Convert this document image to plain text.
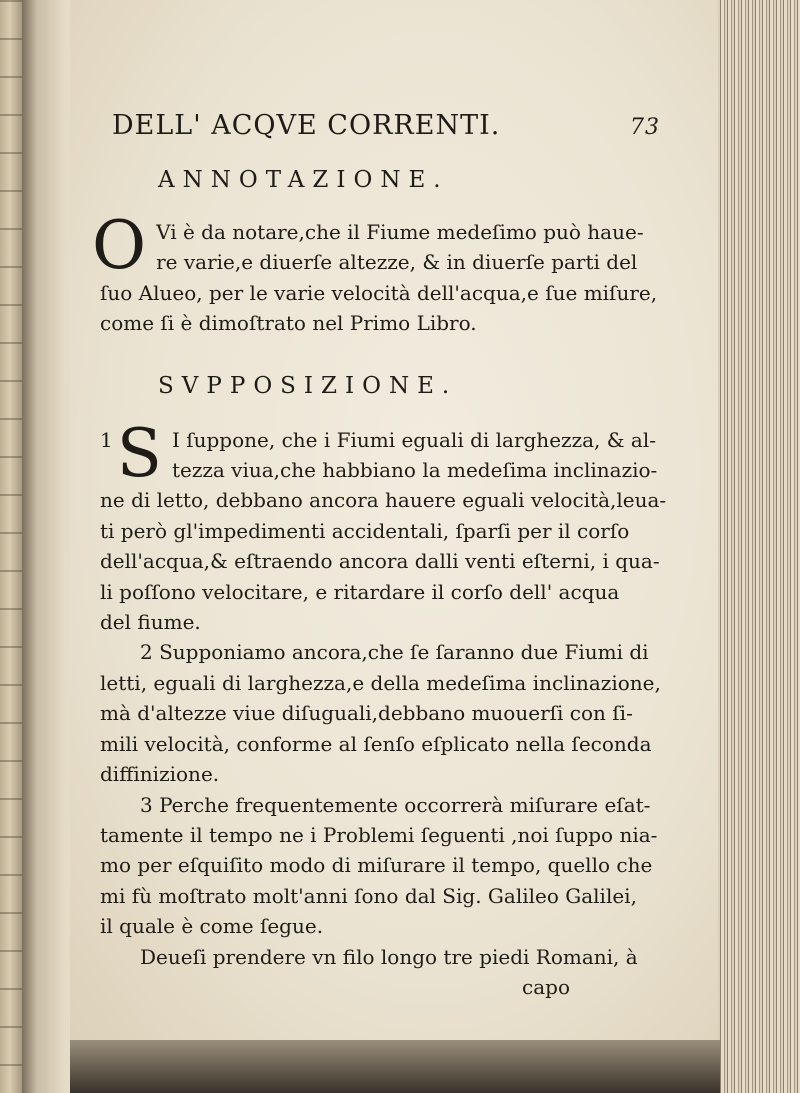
DELL' ACQVE CORRENTI.	73
ANNOTAZIONE.
O Vi è da notare,che il Fiume medeſimo può haue-
re varie,e diuerſe altezze, & in diuerſe parti del
ſuo Alueo, per le varie velocità dell'acqua,e ſue miſure,
come ſi è dimoſtrato nel Primo Libro.
SVPPOSIZIONE.
1 S I ſuppone, che i Fiumi eguali di larghezza, & al-
tezza viua,che habbiano la medeſima inclinazio-
ne di letto, debbano ancora hauere eguali velocità,leua-
ti però gl'impedimenti accidentali, ſparſi per il corſo
dell'acqua,& eſtraendo ancora dalli venti eſterni, i qua-
li poſſono velocitare, e ritardare il corſo dell' acqua
del fiume.
2 Supponiamo ancora,che ſe ſaranno due Fiumi di
letti, eguali di larghezza,e della medeſima inclinazione,
mà d'altezze viue diſuguali,debbano muouerſi con ſi-
mili velocità, conforme al ſenſo eſplicato nella ſeconda
diffinizione.
3 Perche frequentemente occorrerà miſurare eſat-
tamente il tempo ne i Problemi ſeguenti ,noi ſuppo nia-
mo per eſquiſito modo di miſurare il tempo, quello che
mi fù moſtrato molt'anni ſono dal Sig. Galileo Galilei,
il quale è come ſegue.
Deueſi prendere vn filo longo tre piedi Romani, à
capo
